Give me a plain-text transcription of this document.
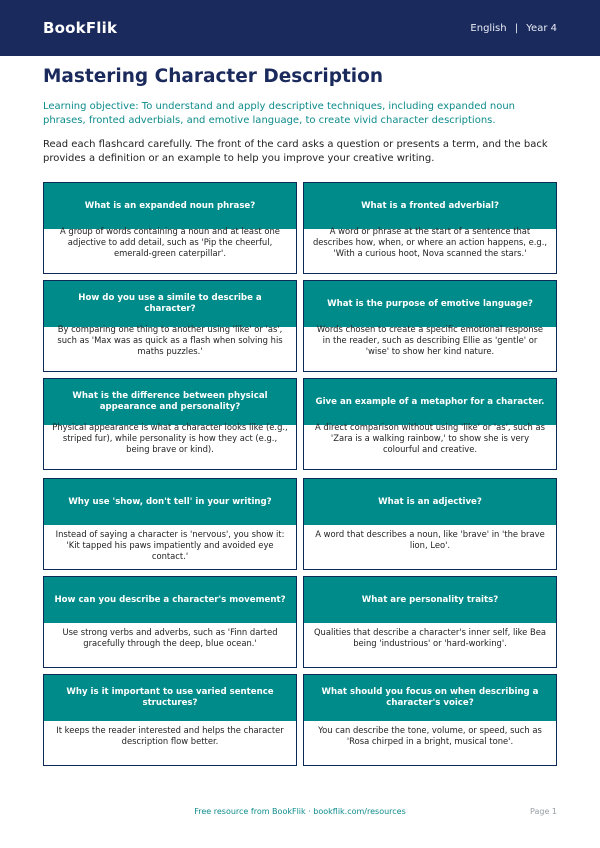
BookFlik	English | Year 4
Mastering Character Description

Learning objective: To understand and apply descriptive techniques, including expanded noun phrases, fronted adverbials, and emotive language, to create vivid character descriptions.

Read each flashcard carefully. The front of the card asks a question or presents a term, and the back provides a definition or an example to help you improve your creative writing.

What is an expanded noun phrase?
A group of words containing a noun and at least one adjective to add detail, such as 'Pip the cheerful, emerald-green caterpillar'.
What is a fronted adverbial?
A word or phrase at the start of a sentence that describes how, when, or where an action happens, e.g., 'With a curious hoot, Nova scanned the stars.'
How do you use a simile to describe a character?
By comparing one thing to another using 'like' or 'as', such as 'Max was as quick as a flash when solving his maths puzzles.'
What is the purpose of emotive language?
Words chosen to create a specific emotional response in the reader, such as describing Ellie as 'gentle' or 'wise' to show her kind nature.
What is the difference between physical appearance and personality?
Physical appearance is what a character looks like (e.g., striped fur), while personality is how they act (e.g., being brave or kind).
Give an example of a metaphor for a character.
A direct comparison without using 'like' or 'as', such as 'Zara is a walking rainbow,' to show she is very colourful and creative.
Why use 'show, don't tell' in your writing?
Instead of saying a character is 'nervous', you show it: 'Kit tapped his paws impatiently and avoided eye contact.'
What is an adjective?
A word that describes a noun, like 'brave' in 'the brave lion, Leo'.
How can you describe a character's movement?
Use strong verbs and adverbs, such as 'Finn darted gracefully through the deep, blue ocean.'
What are personality traits?
Qualities that describe a character's inner self, like Bea being 'industrious' or 'hard-working'.
Why is it important to use varied sentence structures?
It keeps the reader interested and helps the character description flow better.
What should you focus on when describing a character's voice?
You can describe the tone, volume, or speed, such as 'Rosa chirped in a bright, musical tone'.
Free resource from BookFlik · bookflik.com/resources	Page 1
